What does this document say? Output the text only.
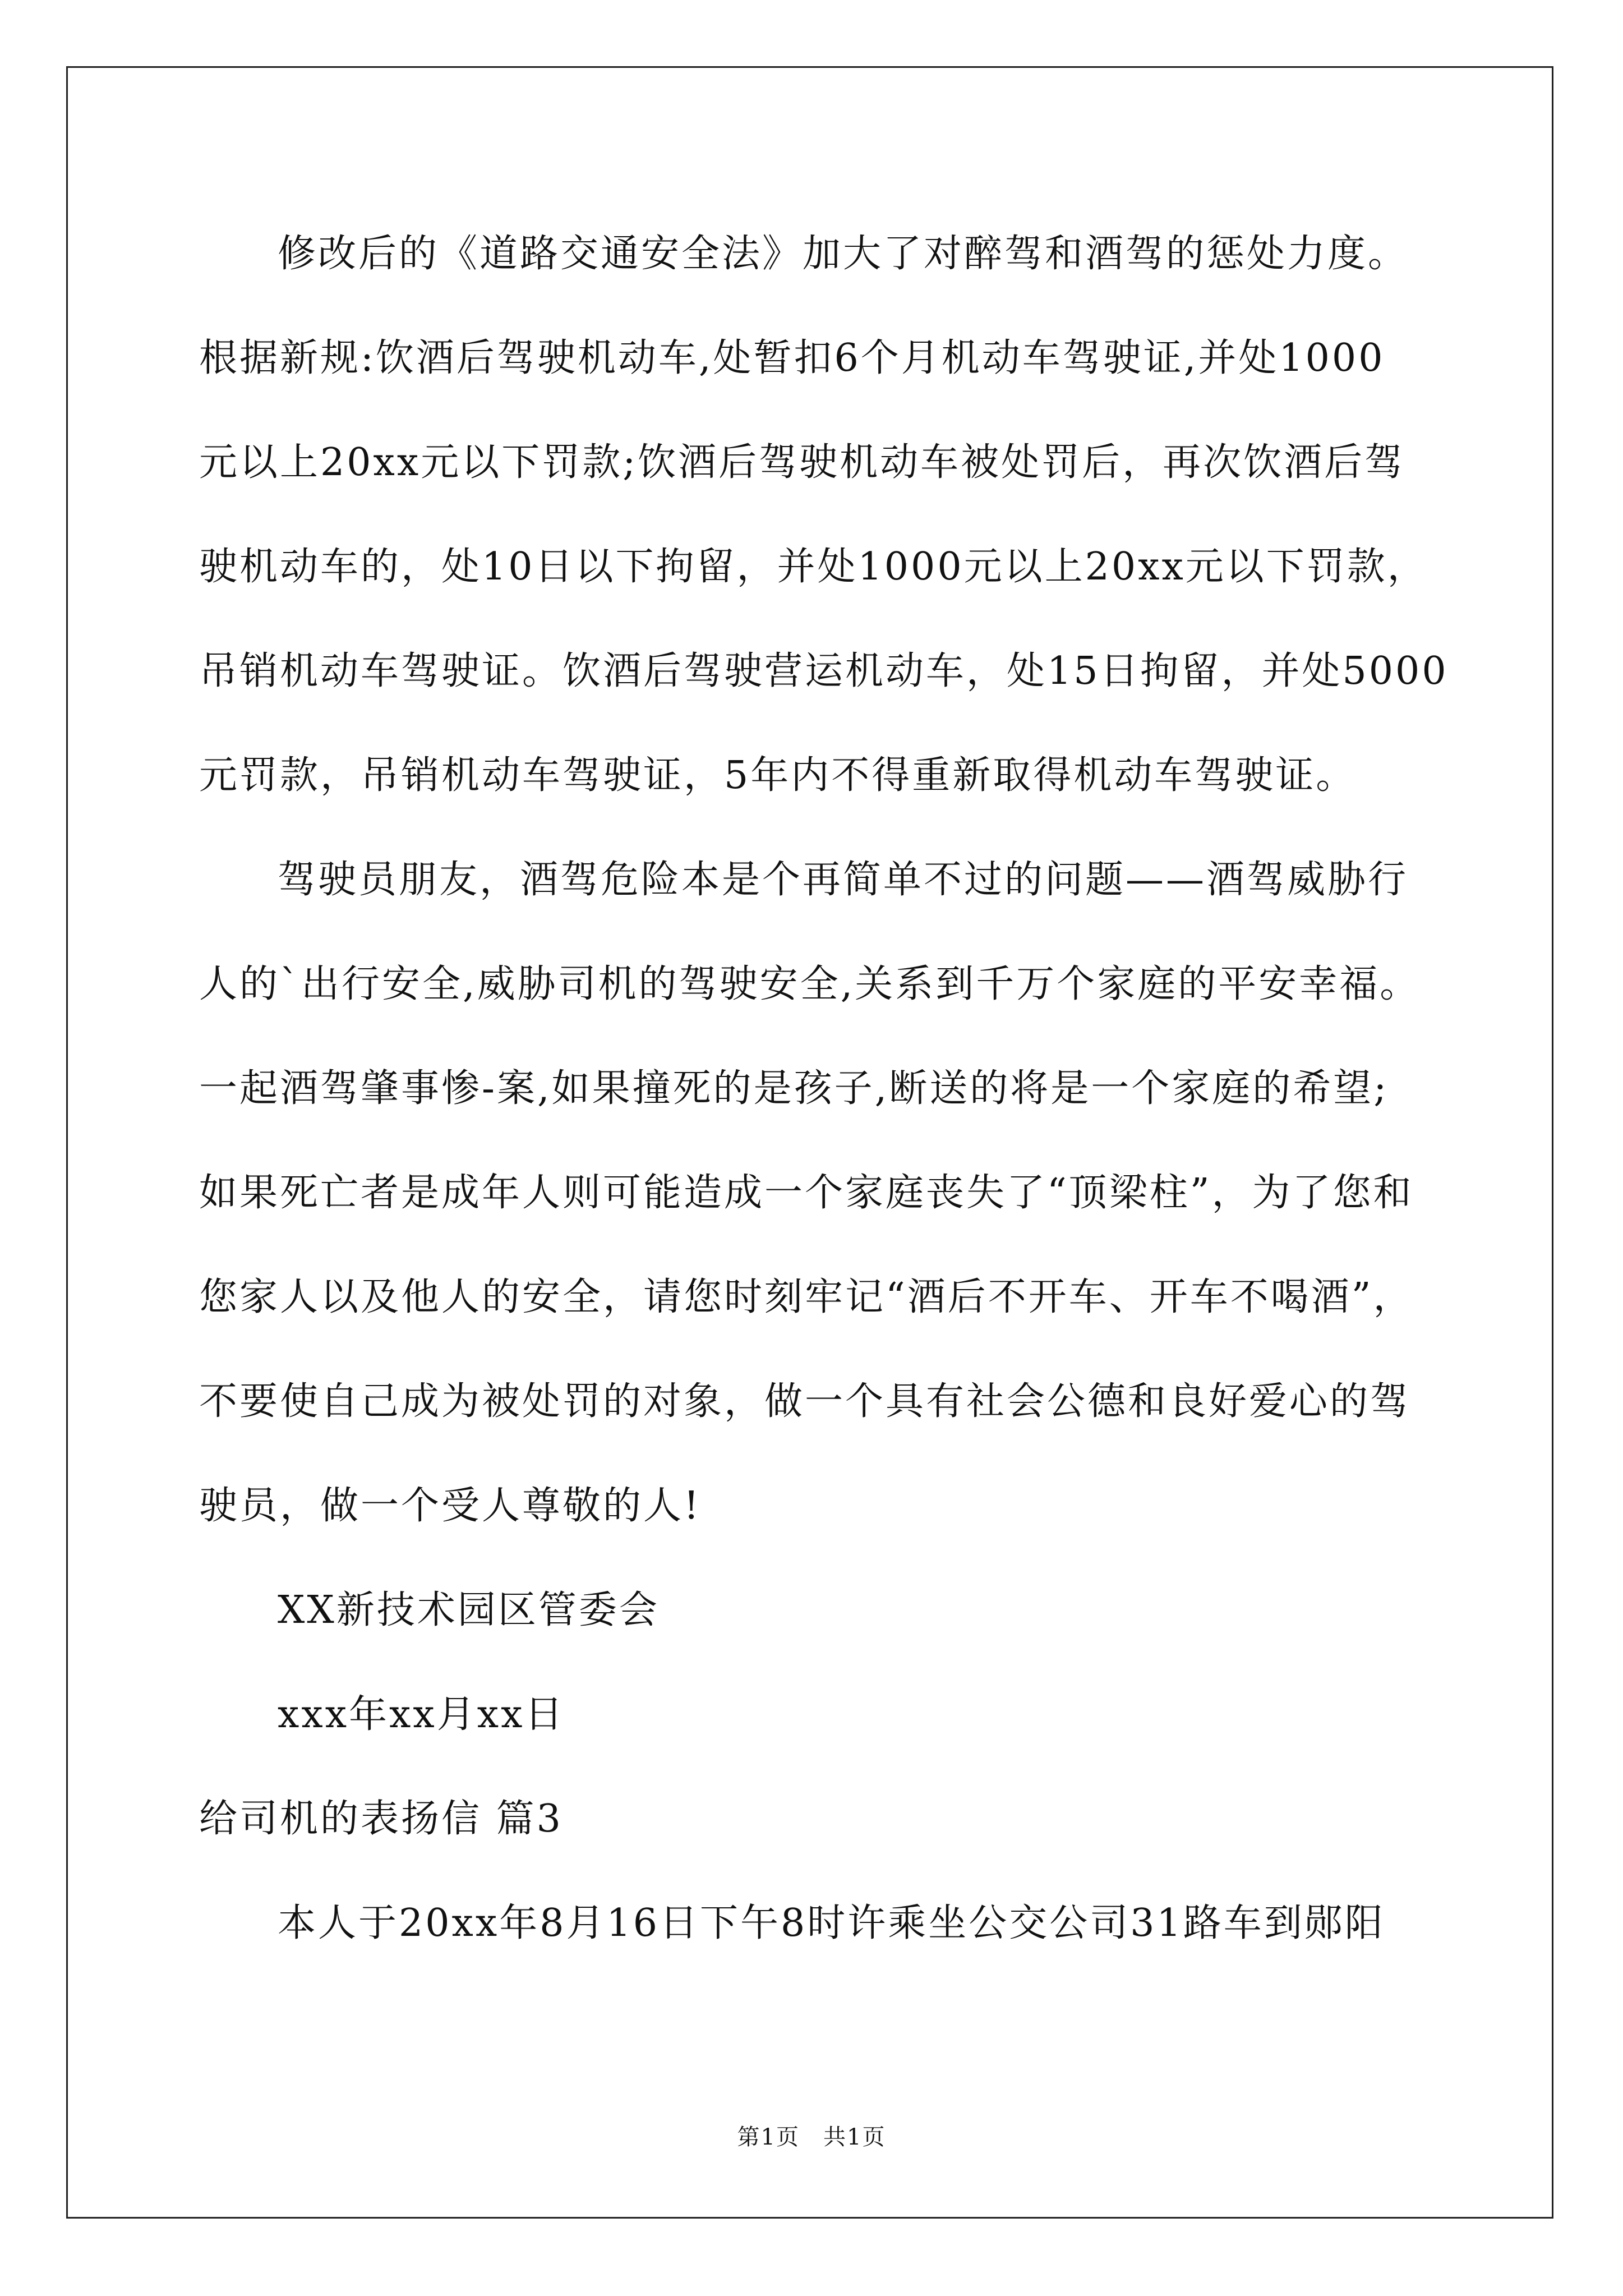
修改后的《道路交通安全法》加大了对醉驾和酒驾的惩处力度。
根据新规:饮酒后驾驶机动车,处暂扣6个月机动车驾驶证,并处1000
元以上20xx元以下罚款;饮酒后驾驶机动车被处罚后，再次饮酒后驾
驶机动车的，处10日以下拘留，并处1000元以上20xx元以下罚款，
吊销机动车驾驶证。饮酒后驾驶营运机动车，处15日拘留，并处5000
元罚款，吊销机动车驾驶证，5年内不得重新取得机动车驾驶证。
驾驶员朋友，酒驾危险本是个再简单不过的问题——酒驾威胁行
人的`出行安全,威胁司机的驾驶安全,关系到千万个家庭的平安幸福。
一起酒驾肇事惨-案,如果撞死的是孩子,断送的将是一个家庭的希望;
如果死亡者是成年人则可能造成一个家庭丧失了“顶梁柱”，为了您和
您家人以及他人的安全，请您时刻牢记“酒后不开车、开车不喝酒”，
不要使自己成为被处罚的对象，做一个具有社会公德和良好爱心的驾
驶员，做一个受人尊敬的人!
XX新技术园区管委会
xxx年xx月xx日
给司机的表扬信 篇3
本人于20xx年8月16日下午8时许乘坐公交公司31路车到郧阳
第1页　共1页
